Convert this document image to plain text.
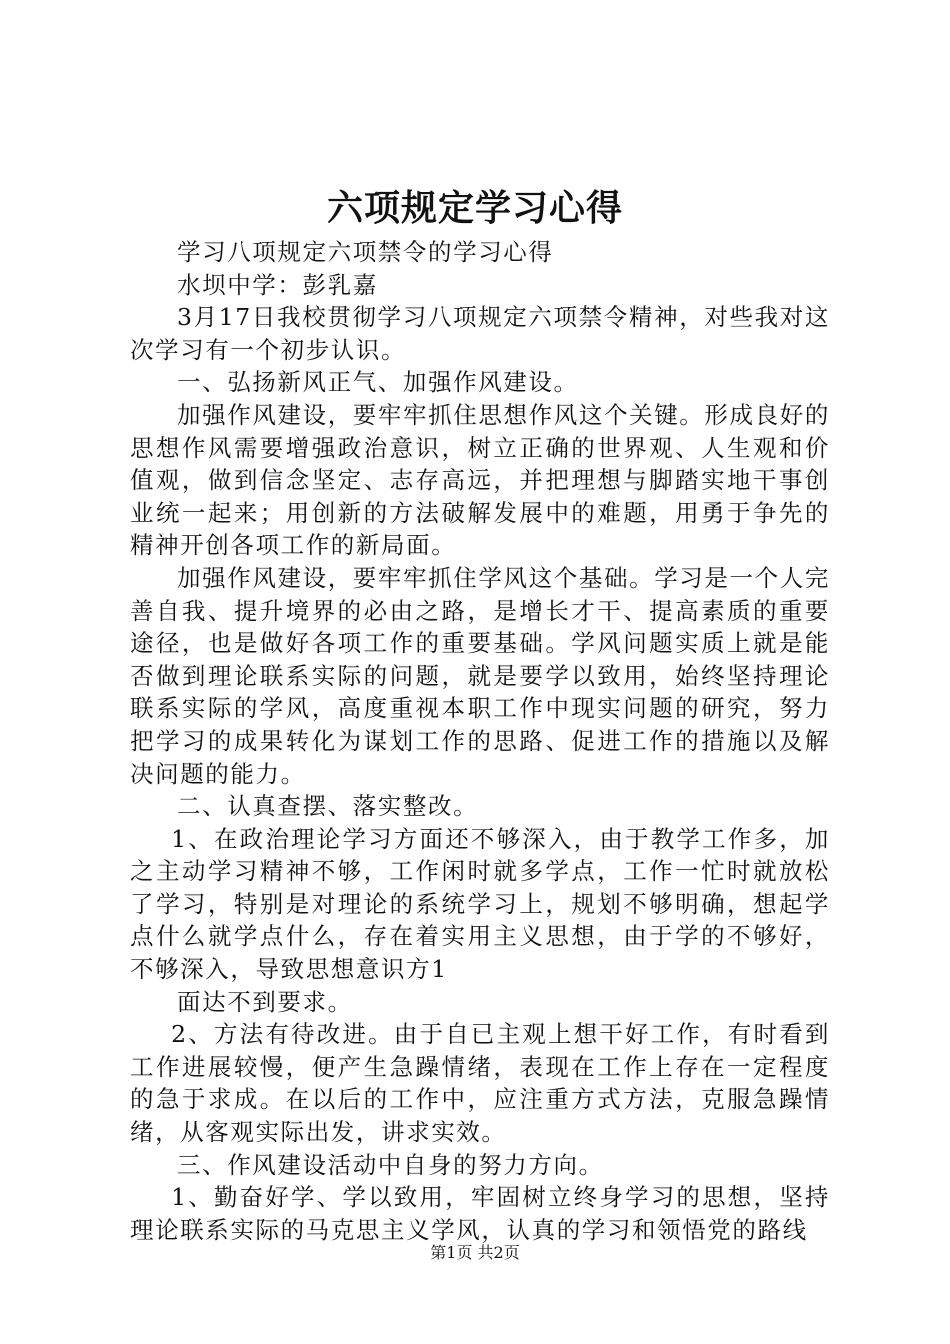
六项规定学习心得

学习八项规定六项禁令的学习心得

水坝中学：彭乳嘉

3月17日我校贯彻学习八项规定六项禁令精神，对些我对这次学习有一个初步认识。

一、弘扬新风正气、加强作风建设。

加强作风建设，要牢牢抓住思想作风这个关键。形成良好的思想作风需要增强政治意识，树立正确的世界观、人生观和价值观，做到信念坚定、志存高远，并把理想与脚踏实地干事创业统一起来；用创新的方法破解发展中的难题，用勇于争先的精神开创各项工作的新局面。

加强作风建设，要牢牢抓住学风这个基础。学习是一个人完善自我、提升境界的必由之路，是增长才干、提高素质的重要途径，也是做好各项工作的重要基础。学风问题实质上就是能否做到理论联系实际的问题，就是要学以致用，始终坚持理论联系实际的学风，高度重视本职工作中现实问题的研究，努力把学习的成果转化为谋划工作的思路、促进工作的措施以及解决问题的能力。

二、认真查摆、落实整改。

1、在政治理论学习方面还不够深入，由于教学工作多，加之主动学习精神不够，工作闲时就多学点，工作一忙时就放松了学习，特别是对理论的系统学习上，规划不够明确，想起学点什么就学点什么，存在着实用主义思想，由于学的不够好，不够深入，导致思想意识方1

面达不到要求。

2、方法有待改进。由于自已主观上想干好工作，有时看到工作进展较慢，便产生急躁情绪，表现在工作上存在一定程度的急于求成。在以后的工作中，应注重方式方法，克服急躁情绪，从客观实际出发，讲求实效。

三、作风建设活动中自身的努力方向。

1、勤奋好学、学以致用，牢固树立终身学习的思想，坚持理论联系实际的马克思主义学风，认真的学习和领悟党的路线

第1页 共2页
